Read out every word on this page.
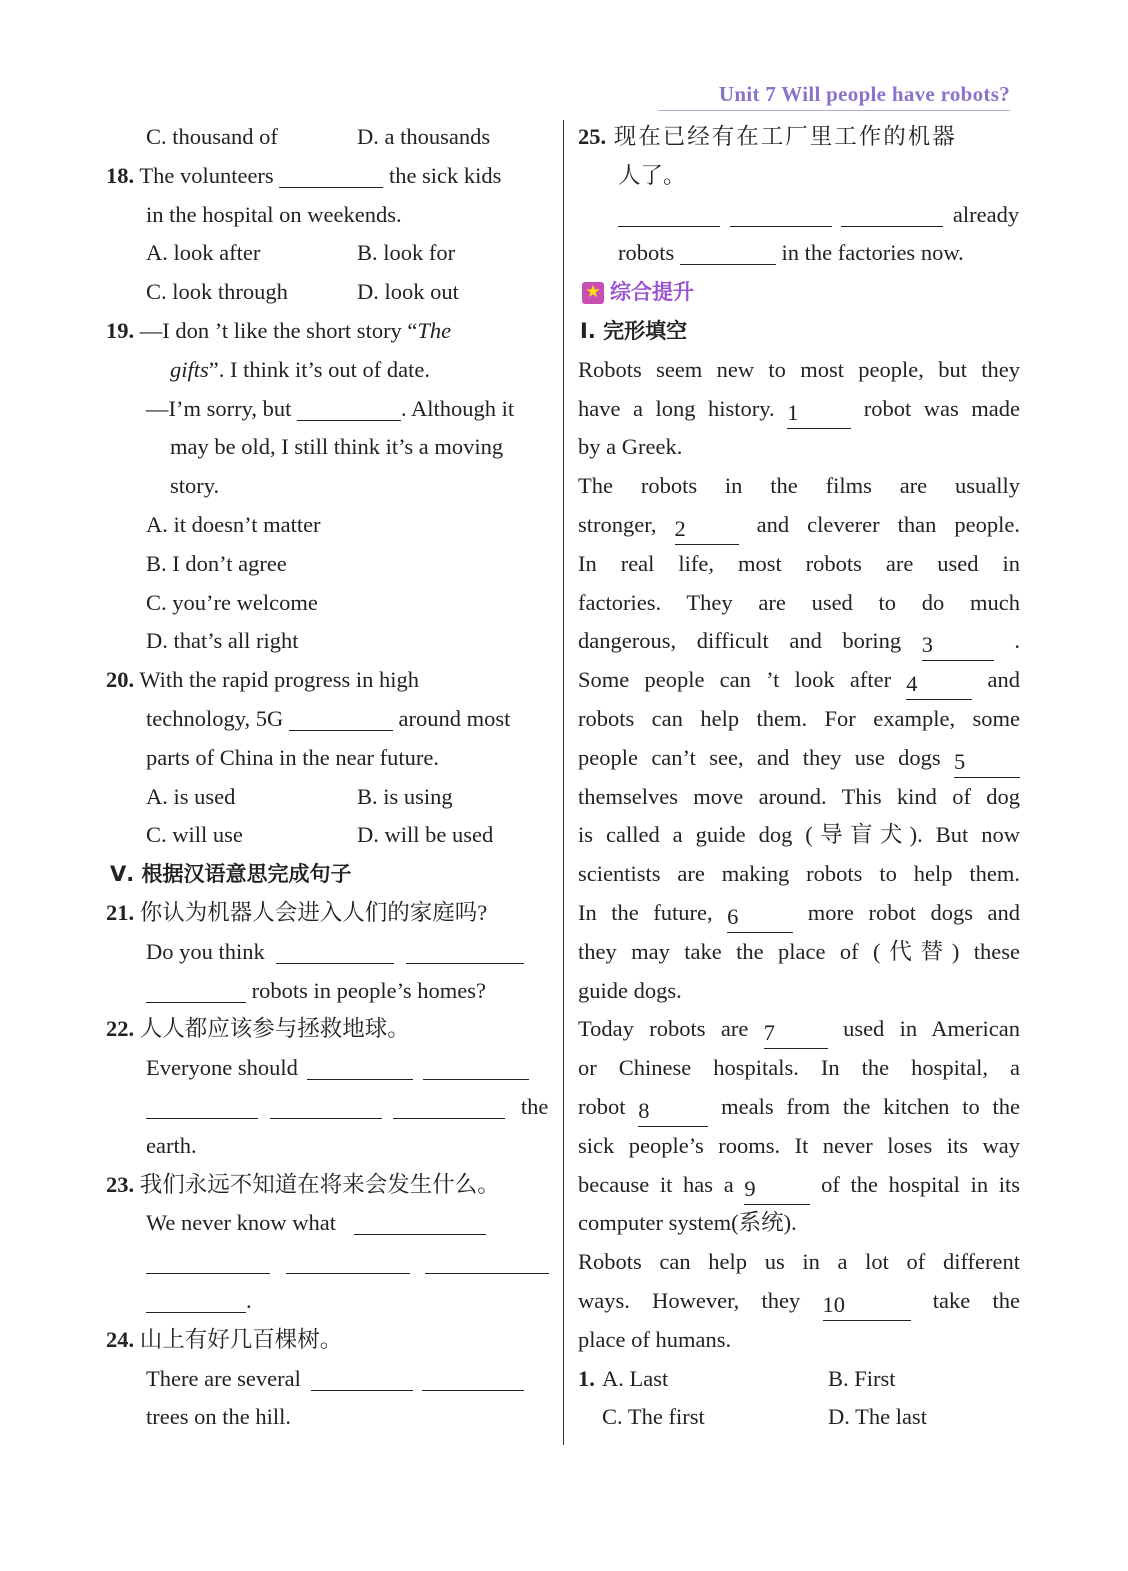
Unit 7 Will people have robots?
C. thousand of	D. a thousands
18. The volunteers	the sick kids
in the hospital on weekends.
A. look after	B. look for
C. look through	D. look out
19. —I don ’t like the short story “The
gifts”. I think it’s out of date.
—I’m sorry, but	. Although it
may be old, I still think it’s a moving
story.
A. it doesn’t matter
B. I don’t agree
C. you’re welcome
D. that’s all right
20. With the rapid progress in high
technology, 5G	around most
parts of China in the near future.
A. is used	B. is using
C. will use	D. will be used
Ⅴ. 根据汉语意思完成句子
21. 你认为机器人会进入人们的家庭吗?
Do you think
robots in people’s homes?
22. 人人都应该参与拯救地球。
Everyone should
the
earth.
23. 我们永远不知道在将来会发生什么。
We never know what

.
24. 山上有好几百棵树。
There are several
trees on the hill.
25. 现在已经有在工厂里工作的机器
人了。
already
robots	in the factories now.
★ 综合提升
Ⅰ. 完形填空
Robots seem new to most people, but they
have a long history. 1	robot was made
by a Greek.
The robots in the films are usually
stronger, 2	and cleverer than people.
In real life, most robots are used in
factories. They are used to do much
dangerous, difficult and boring 3	.
Some people can ’t look after 4	and
robots can help them. For example, some
people can’t see, and they use dogs 5
themselves move around. This kind of dog
is called a guide dog (导盲犬). But now
scientists are making robots to help them.
In the future, 6	more robot dogs and
they may take the place of (代替) these
guide dogs.
Today robots are 7	used in American
or Chinese hospitals. In the hospital, a
robot 8	meals from the kitchen to the
sick people’s rooms. It never loses its way
because it has a 9	of the hospital in its
computer system(系统).
Robots can help us in a lot of different
ways. However, they 10	take the
place of humans.
1. A. Last	B. First
C. The first	D. The last
